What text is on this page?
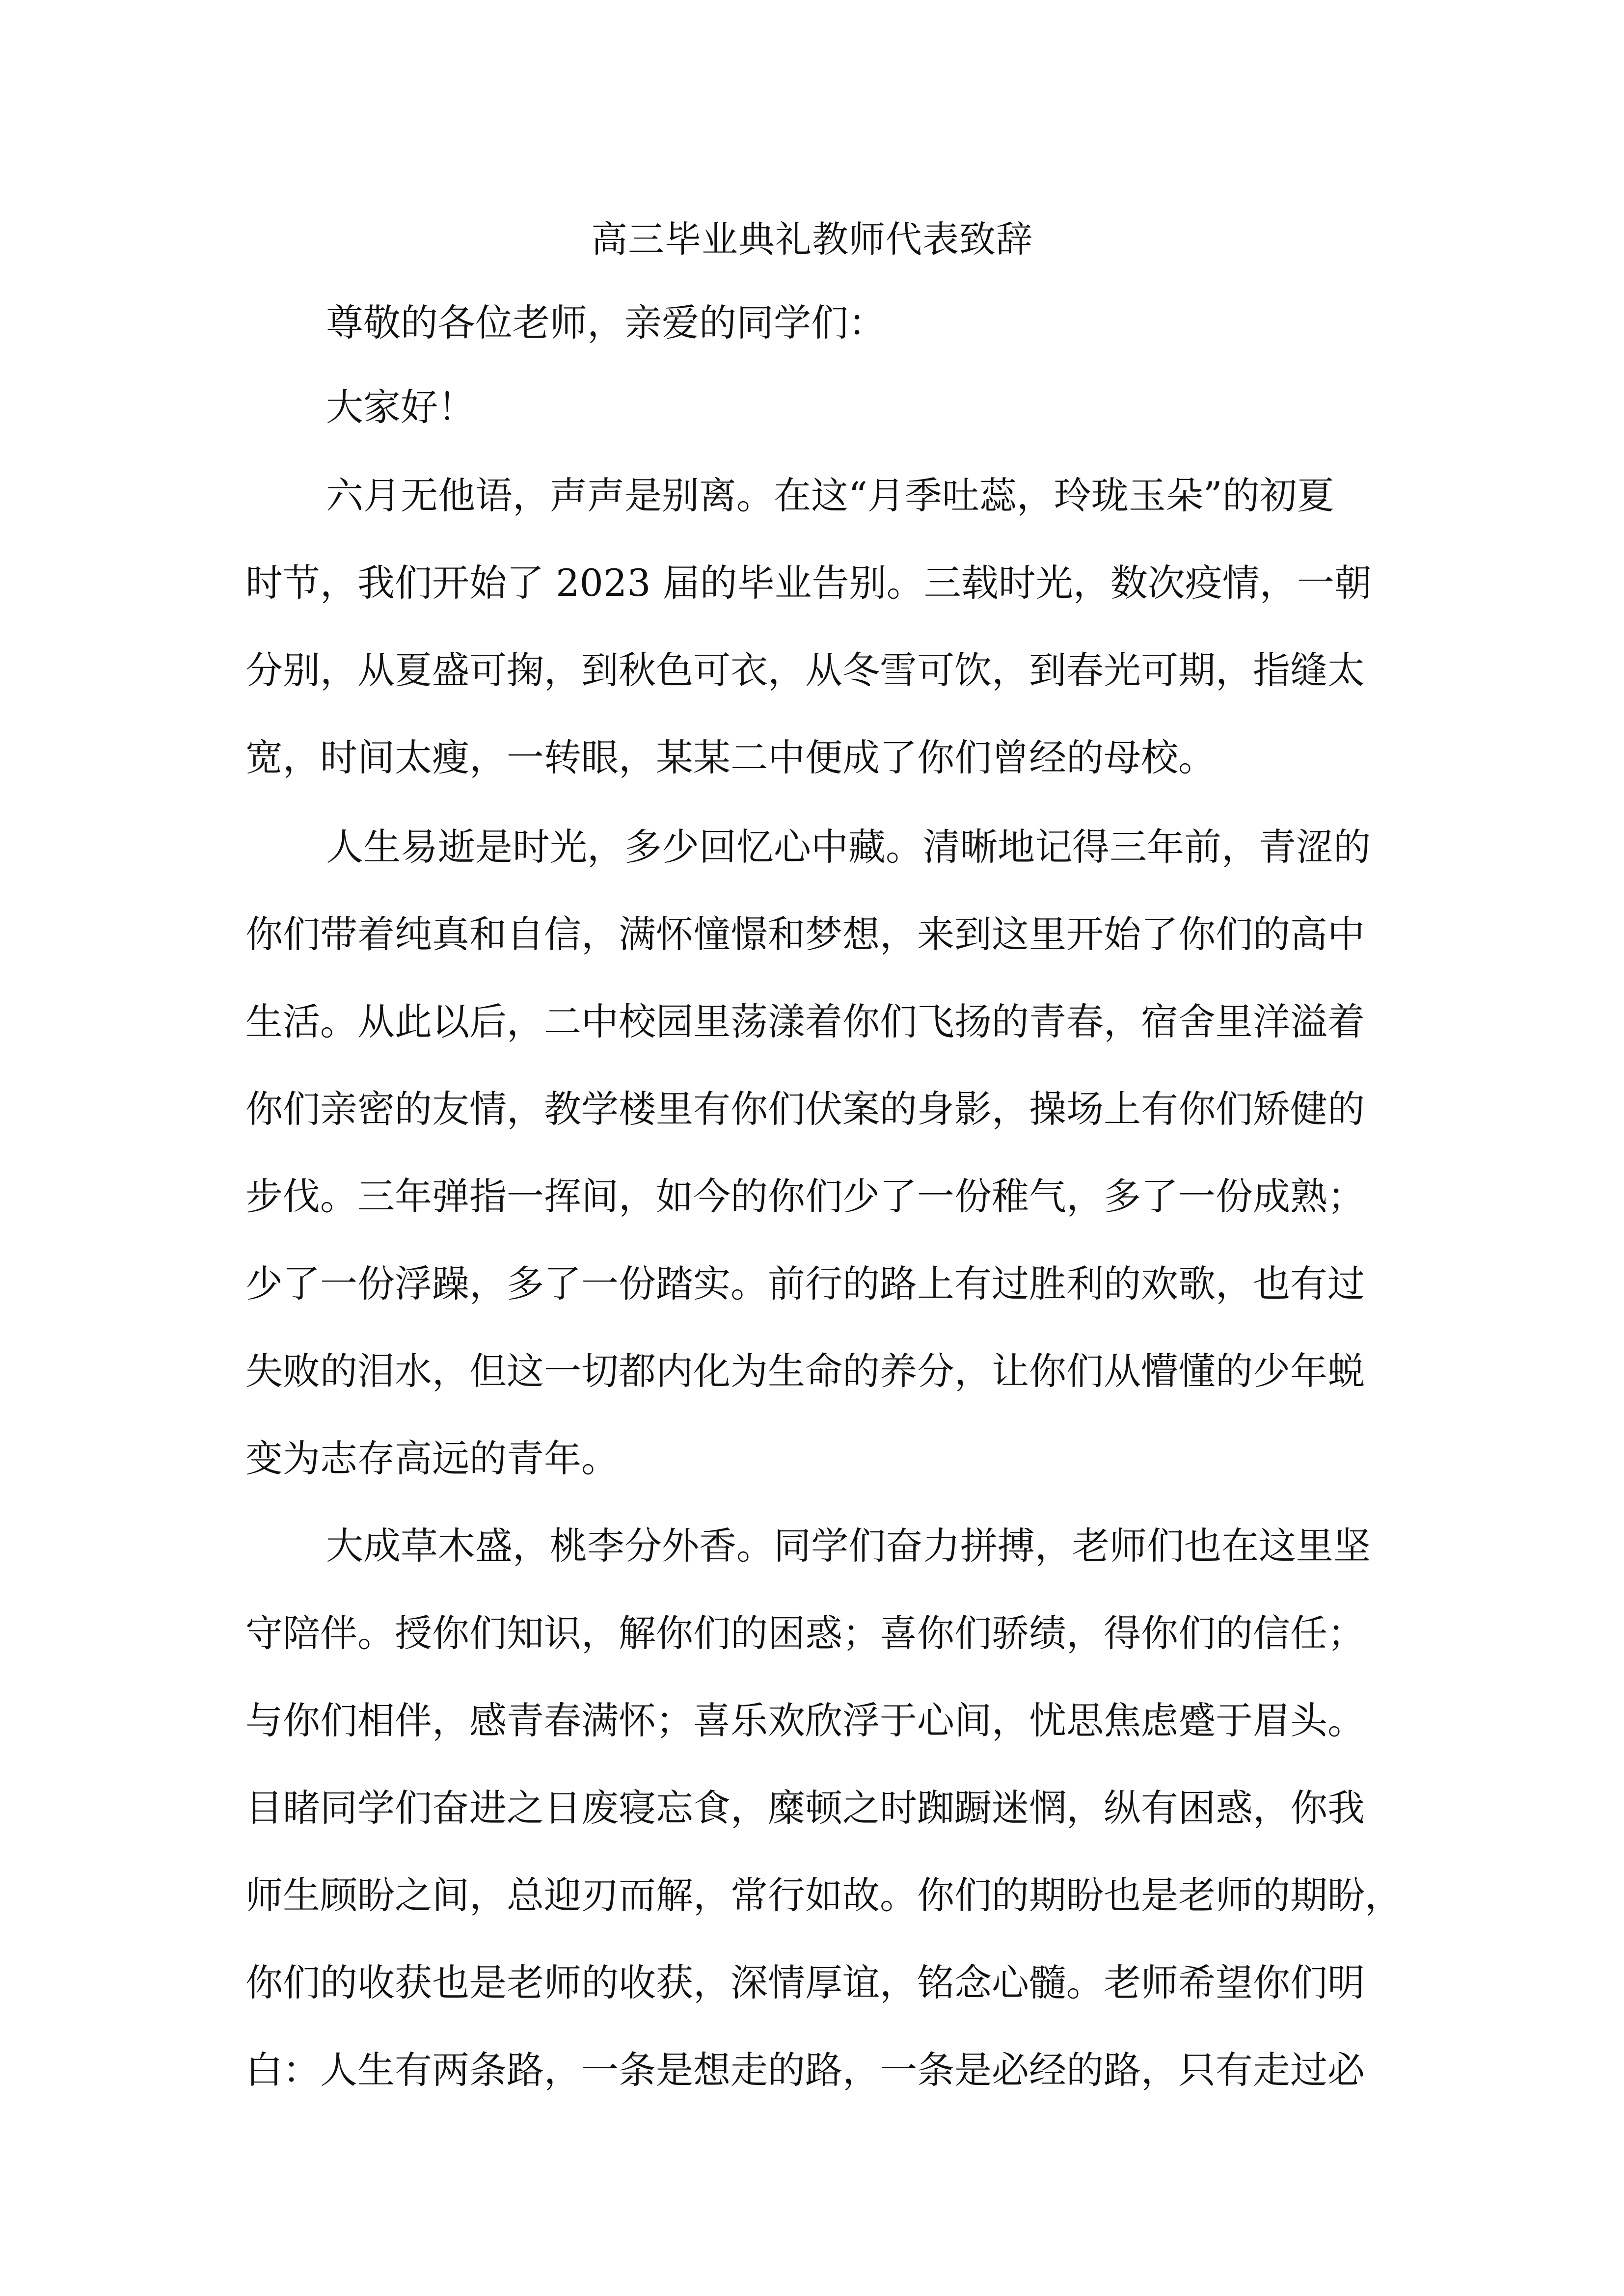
高三毕业典礼教师代表致辞
尊敬的各位老师，亲爱的同学们：
大家好！
六月无他语，声声是别离。在这“月季吐蕊，玲珑玉朵”的初夏
时节，我们开始了 2023 届的毕业告别。三载时光，数次疫情，一朝
分别，从夏盛可掬，到秋色可衣，从冬雪可饮，到春光可期，指缝太
宽，时间太瘦，一转眼，某某二中便成了你们曾经的母校。
人生易逝是时光，多少回忆心中藏。清晰地记得三年前，青涩的
你们带着纯真和自信，满怀憧憬和梦想，来到这里开始了你们的高中
生活。从此以后，二中校园里荡漾着你们飞扬的青春，宿舍里洋溢着
你们亲密的友情，教学楼里有你们伏案的身影，操场上有你们矫健的
步伐。三年弹指一挥间，如今的你们少了一份稚气，多了一份成熟；
少了一份浮躁，多了一份踏实。前行的路上有过胜利的欢歌，也有过
失败的泪水，但这一切都内化为生命的养分，让你们从懵懂的少年蜕
变为志存高远的青年。
大成草木盛，桃李分外香。同学们奋力拼搏，老师们也在这里坚
守陪伴。授你们知识，解你们的困惑；喜你们骄绩，得你们的信任；
与你们相伴，感青春满怀；喜乐欢欣浮于心间，忧思焦虑蹙于眉头。
目睹同学们奋进之日废寝忘食，糜顿之时踟蹰迷惘，纵有困惑，你我
师生顾盼之间，总迎刃而解，常行如故。你们的期盼也是老师的期盼，
你们的收获也是老师的收获，深情厚谊，铭念心髓。老师希望你们明
白：人生有两条路，一条是想走的路，一条是必经的路，只有走过必
